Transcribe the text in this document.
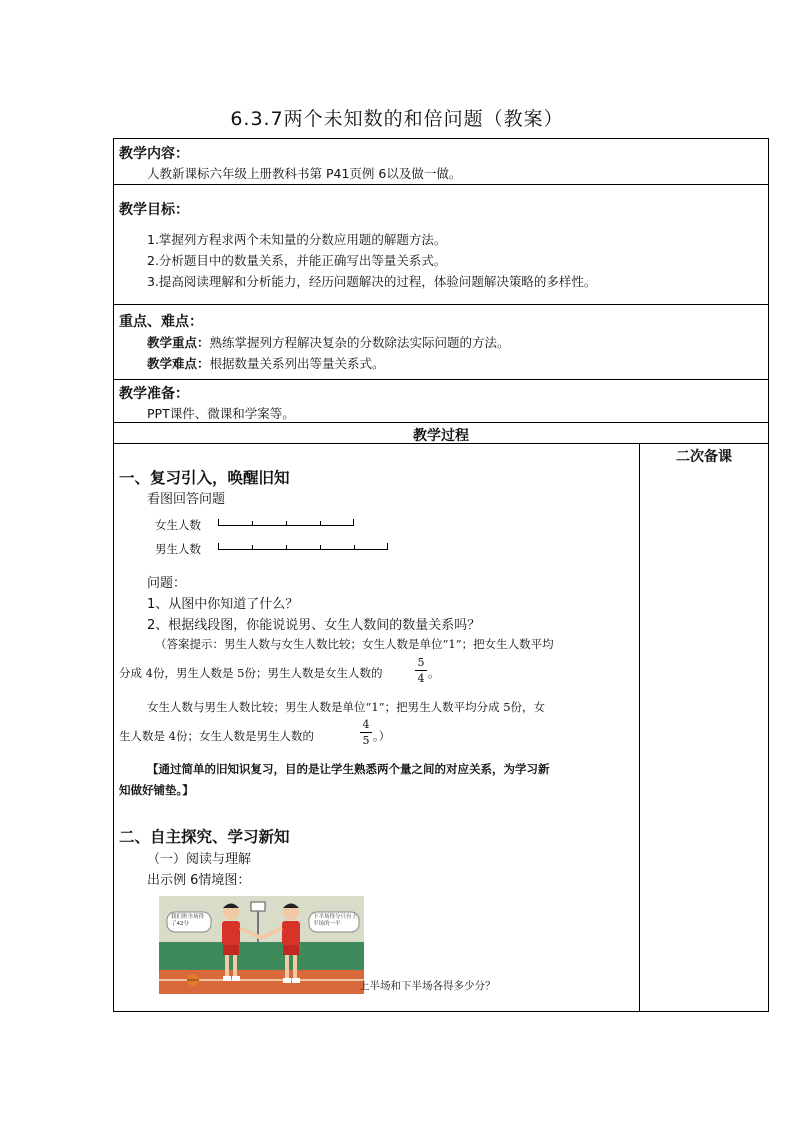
6.3.7两个未知数的和倍问题（教案）
教学内容：
人教新课标六年级上册教科书第 P41页例 6以及做一做。
教学目标：
1.掌握列方程求两个未知量的分数应用题的解题方法。
2.分析题目中的数量关系，并能正确写出等量关系式。
3.提高阅读理解和分析能力，经历问题解决的过程，体验问题解决策略的多样性。
重点、难点：
教学重点：熟练掌握列方程解决复杂的分数除法实际问题的方法。
教学难点：根据数量关系列出等量关系式。
教学准备：
PPT课件、微课和学案等。
教学过程
二次备课
一、复习引入，唤醒旧知
看图回答问题
女生人数
男生人数
问题：
1、从图中你知道了什么？
2、根据线段图，你能说说男、女生人数间的数量关系吗？
（答案提示：男生人数与女生人数比较；女生人数是单位“1”；把女生人数平均
分成 4份，男生人数是 5份；男生人数是女生人数的
5
4 。
女生人数与男生人数比较；男生人数是单位“1”；把男生人数平均分成 5份，女
生人数是 4份；女生人数是男生人数的
4
5 。）
【通过简单的旧知识复习，目的是让学生熟悉两个量之间的对应关系，为学习新
知做好铺垫。】
二、自主探究、学习新知
（一）阅读与理解
出示例 6情境图：
我们班全场得了42分
下半场得分只有上半场的一半
上半场和下半场各得多少分？
